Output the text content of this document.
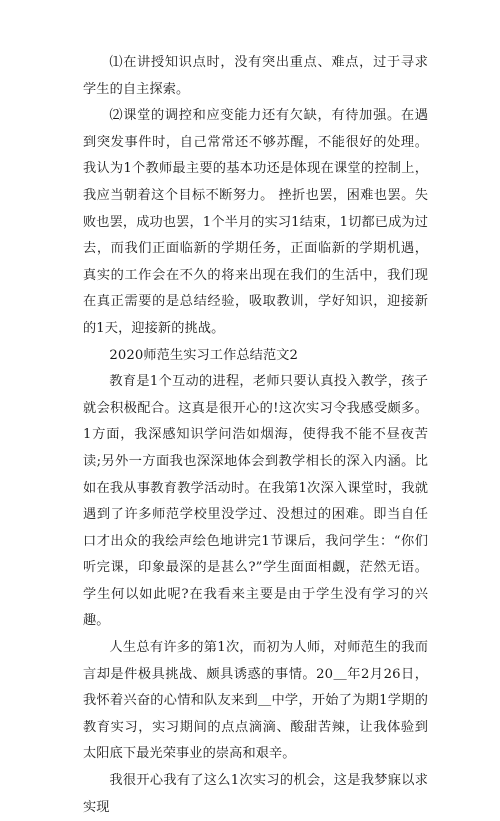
⑴在讲授知识点时，没有突出重点、难点，过于寻求学生的自主探索。

⑵课堂的调控和应变能力还有欠缺，有待加强。在遇到突发事件时，自己常常还不够苏醒，不能很好的处理。我认为1个教师最主要的基本功还是体现在课堂的控制上，我应当朝着这个目标不断努力。 挫折也罢，困难也罢。失败也罢，成功也罢，1个半月的实习1结束，1切都已成为过去，而我们正面临新的学期任务，正面临新的学期机遇，真实的工作会在不久的将来出现在我们的生活中，我们现在真正需要的是总结经验，吸取教训，学好知识，迎接新的1天，迎接新的挑战。

2020师范生实习工作总结范文2

教育是1个互动的进程，老师只要认真投入教学，孩子就会积极配合。这真是很开心的!这次实习令我感受颇多。1方面，我深感知识学问浩如烟海，使得我不能不昼夜苦读;另外一方面我也深深地体会到教学相长的深入内涵。比如在我从事教育教学活动时。在我第1次深入课堂时，我就遇到了许多师范学校里没学过、没想过的困难。即当自任口才出众的我绘声绘色地讲完1节课后，我问学生：“你们听完课，印象最深的是甚么?”学生面面相觑，茫然无语。学生何以如此呢?在我看来主要是由于学生没有学习的兴趣。

人生总有许多的第1次，而初为人师，对师范生的我而言却是件极具挑战、颇具诱惑的事情。20＿年2月26日，我怀着兴奋的心情和队友来到＿中学，开始了为期1学期的教育实习，实习期间的点点滴滴、酸甜苦辣，让我体验到太阳底下最光荣事业的崇高和艰辛。

我很开心我有了这么1次实习的机会，这是我梦寐以求实现
